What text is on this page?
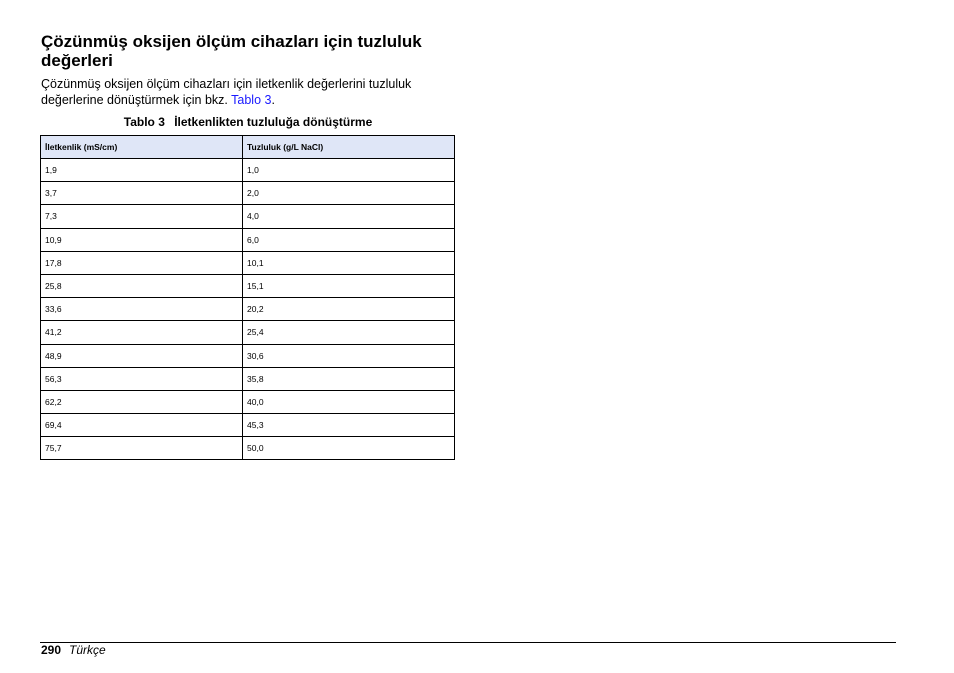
Çözünmüş oksijen ölçüm cihazları için tuzluluk değerleri

Çözünmüş oksijen ölçüm cihazları için iletkenlik değerlerini tuzluluk değerlerine dönüştürmek için bkz. Tablo 3.

Tablo 3 İletkenlikten tuzluluğa dönüştürme
İletkenlik (mS/cm)	Tuzluluk (g/L NaCl)
1,9	1,0
3,7	2,0
7,3	4,0
10,9	6,0
17,8	10,1
25,8	15,1
33,6	20,2
41,2	25,4
48,9	30,6
56,3	35,8
62,2	40,0
69,4	45,3
75,7	50,0
290 Türkçe
